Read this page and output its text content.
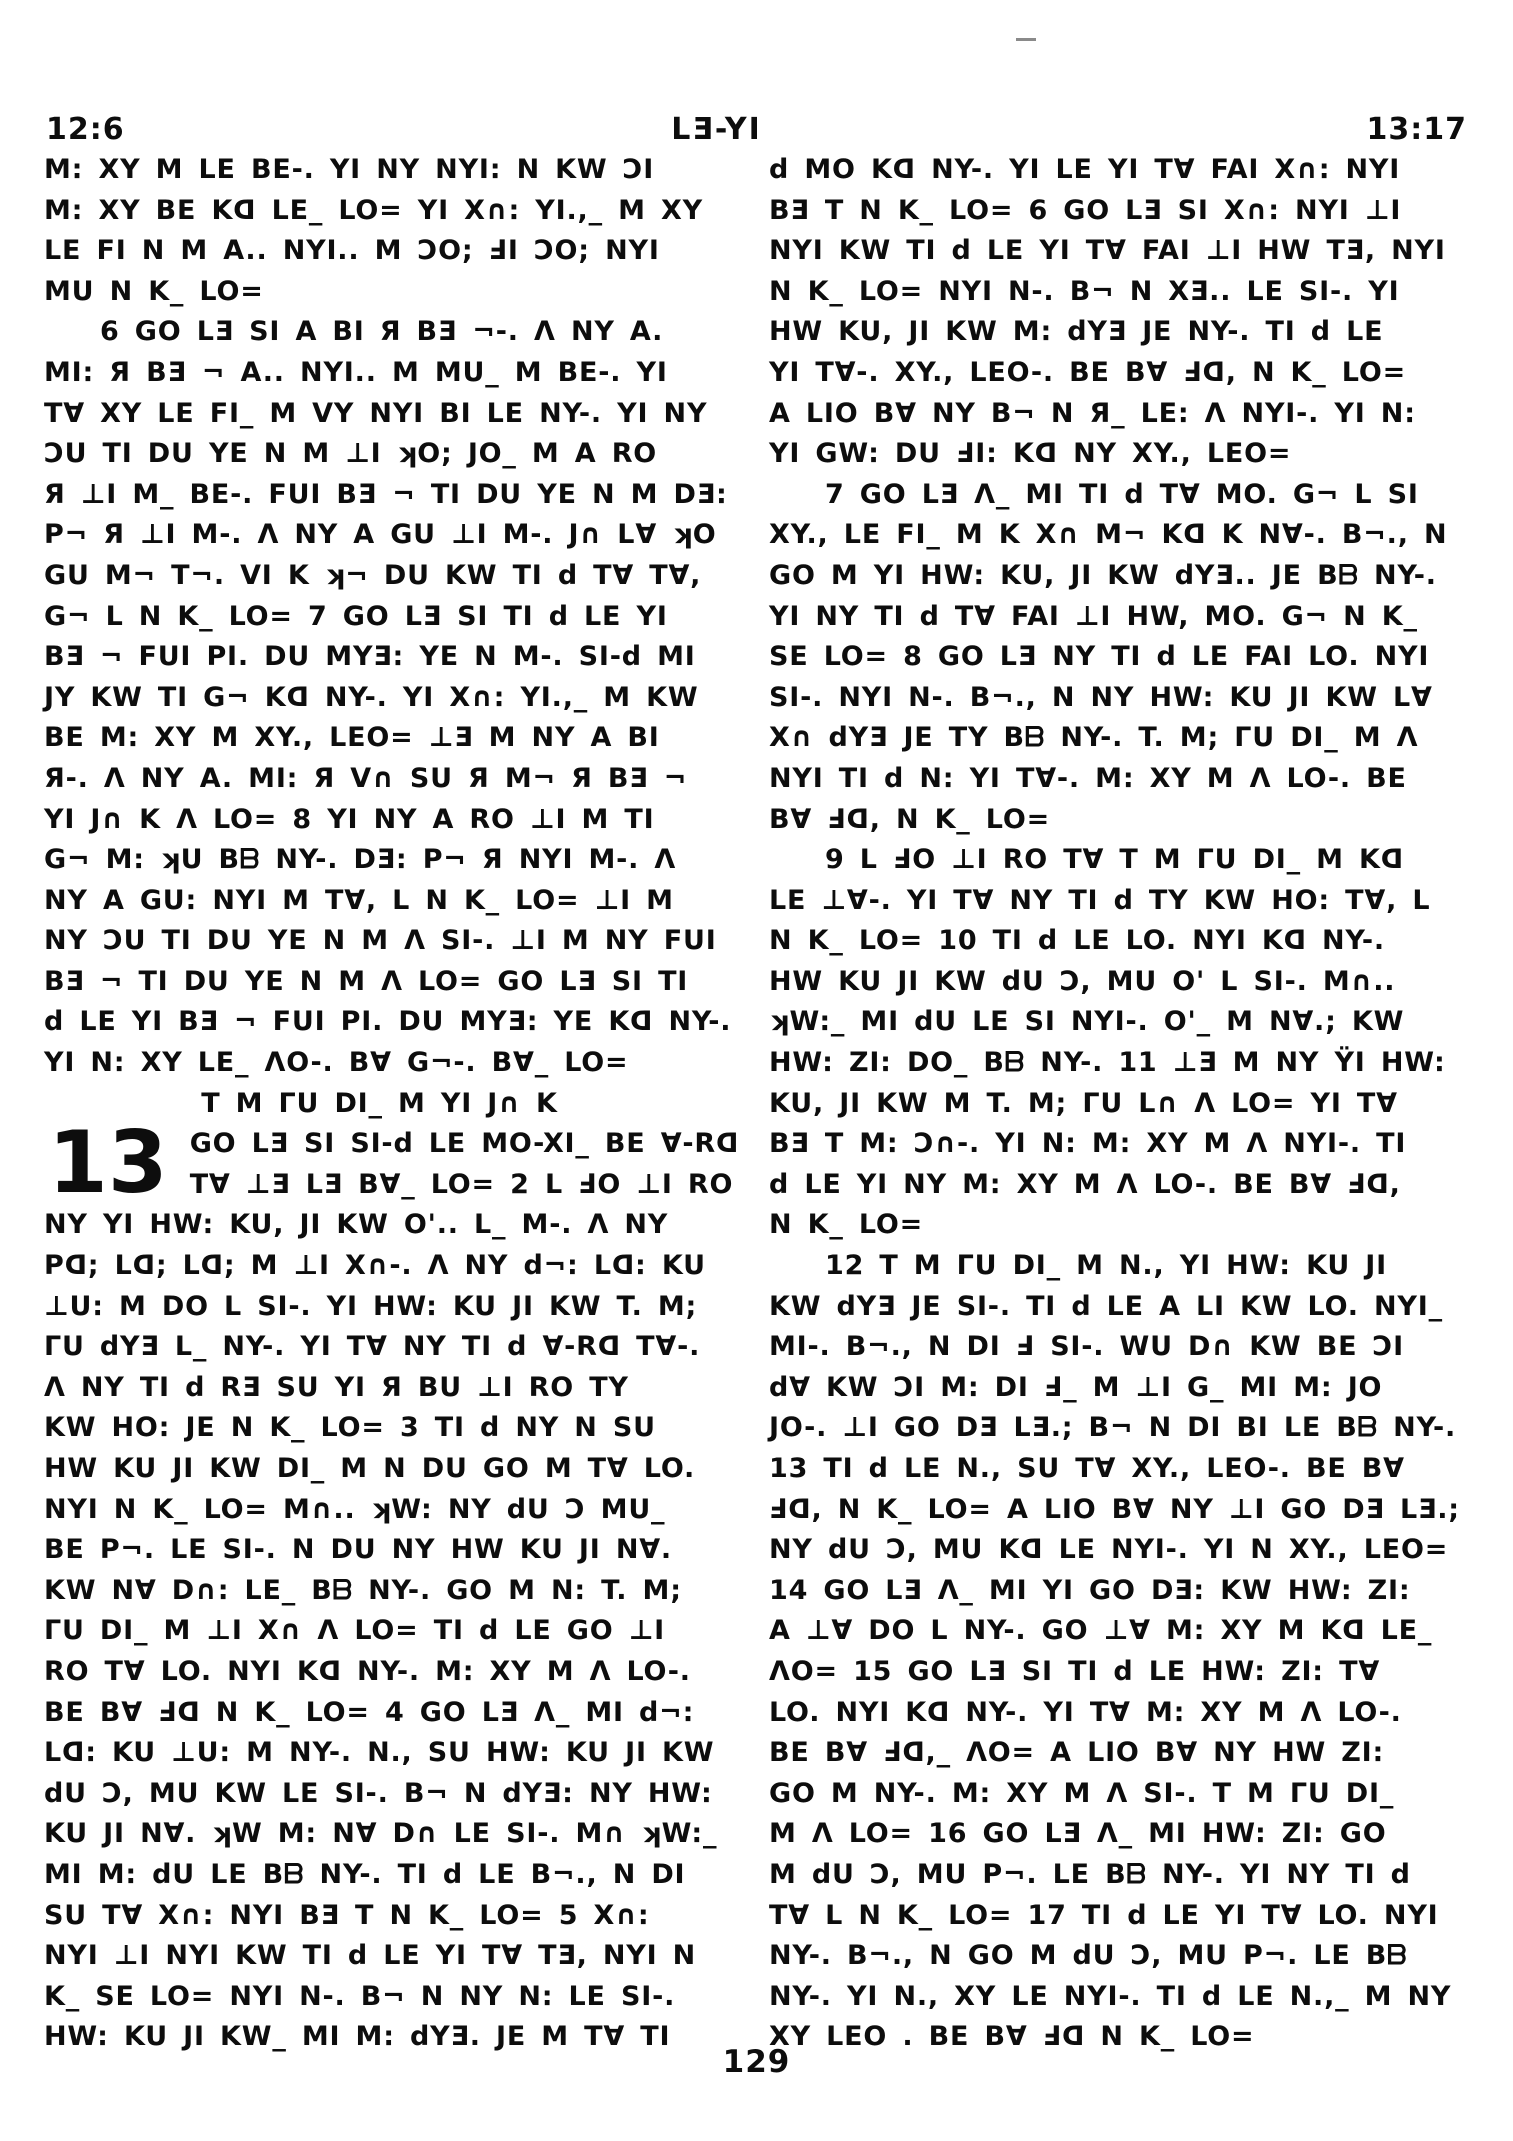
12:6	LƎ-YI	13:17
M: XY M LE BE-. YI NY NYI: N KW ƆI
M: XY BE Kᗡ LE_ LO= YI X∩: YI.,_ M XY
LE FI N M A.. NYI.. M ƆO; ℲI ƆO; NYI
MU N K_ LO=
6 GO LƎ SI A BI Я BƎ ¬-. Λ NY A.
MI: Я BƎ ¬ A.. NYI.. M MU_ M BE-. YI
T∀ XY LE FI_ M VY NYI BI LE NY-. YI NY
ƆU TI DU YE N M ⊥I ʞO; JO_ M A RO
Я ⊥I M_ BE-. FUI BƎ ¬ TI DU YE N M DƎ:
P¬ Я ⊥I M-. Λ NY A GU ⊥I M-. J∩ L∀ ʞO
GU M¬ T¬. VI K ʞ¬ DU KW TI d T∀ T∀,
G¬ L N K_ LO= 7 GO LƎ SI TI d LE YI
BƎ ¬ FUI PI. DU MYƎ: YE N M-. SI-d MI
JY KW TI G¬ Kᗡ NY-. YI X∩: YI.,_ M KW
BE M: XY M XY., LEO= ⊥Ǝ M NY A BI
Я-. Λ NY A. MI: Я V∩ SU Я M¬ Я BƎ ¬
YI J∩ K Λ LO= 8 YI NY A RO ⊥I M TI
G¬ M: ʞU Bᗷ NY-. DƎ: P¬ Я NYI M-. Λ
NY A GU: NYI M T∀, L N K_ LO= ⊥I M
NY ƆU TI DU YE N M Λ SI-. ⊥I M NY FUI
BƎ ¬ TI DU YE N M Λ LO= GO LƎ SI TI
d LE YI BƎ ¬ FUI PI. DU MYƎ: YE Kᗡ NY-.
YI N: XY LE_ ΛO-. B∀ G¬-. B∀_ LO=
T M ΓU DI_ M YI J∩ K
13 GO LƎ SI SI-d LE MO-XI_ BE ∀-Rᗡ
T∀ ⊥Ǝ LƎ B∀_ LO= 2 L ℲO ⊥I RO
NY YI HW: KU, JI KW O'.. L_ M-. Λ NY
Pᗡ; Lᗡ; Lᗡ; M ⊥I X∩-. Λ NY d¬: Lᗡ: KU
⊥U: M DO L SI-. YI HW: KU JI KW T. M;
ΓU dYƎ L_ NY-. YI T∀ NY TI d ∀-Rᗡ T∀-.
Λ NY TI d RƎ SU YI Я BU ⊥I RO TY
KW HO: JE N K_ LO= 3 TI d NY N SU
HW KU JI KW DI_ M N DU GO M T∀ LO.
NYI N K_ LO= M∩.. ʞW: NY dU Ɔ MU_
BE P¬. LE SI-. N DU NY HW KU JI N∀.
KW N∀ D∩: LE_ Bᗷ NY-. GO M N: T. M;
ΓU DI_ M ⊥I X∩ Λ LO= TI d LE GO ⊥I
RO T∀ LO. NYI Kᗡ NY-. M: XY M Λ LO-.
BE B∀ Ⅎᗡ N K_ LO= 4 GO LƎ Λ_ MI d¬:
Lᗡ: KU ⊥U: M NY-. N., SU HW: KU JI KW
dU Ɔ, MU KW LE SI-. B¬ N dYƎ: NY HW:
KU JI N∀. ʞW M: N∀ D∩ LE SI-. M∩ ʞW:_
MI M: dU LE Bᗷ NY-. TI d LE B¬., N DI
SU T∀ X∩: NYI BƎ T N K_ LO= 5 X∩:
NYI ⊥I NYI KW TI d LE YI T∀ TƎ, NYI N
K_ SE LO= NYI N-. B¬ N NY N: LE SI-.
HW: KU JI KW_ MI M: dYƎ. JE M T∀ TI
d MO Kᗡ NY-. YI LE YI T∀ FAI X∩: NYI
BƎ T N K_ LO= 6 GO LƎ SI X∩: NYI ⊥I
NYI KW TI d LE YI T∀ FAI ⊥I HW TƎ, NYI
N K_ LO= NYI N-. B¬ N XƎ.. LE SI-. YI
HW KU, JI KW M: dYƎ JE NY-. TI d LE
YI T∀-. XY., LEO-. BE B∀ Ⅎᗡ, N K_ LO=
A LIO B∀ NY B¬ N Я_ LE: Λ NYI-. YI N:
YI GW: DU ℲI: Kᗡ NY XY., LEO=
7 GO LƎ Λ_ MI TI d T∀ MO. G¬ L SI
XY., LE FI_ M K X∩ M¬ Kᗡ K N∀-. B¬., N
GO M YI HW: KU, JI KW dYƎ.. JE Bᗷ NY-.
YI NY TI d T∀ FAI ⊥I HW, MO. G¬ N K_
SE LO= 8 GO LƎ NY TI d LE FAI LO. NYI
SI-. NYI N-. B¬., N NY HW: KU JI KW L∀
X∩ dYƎ JE TY Bᗷ NY-. T. M; ΓU DI_ M Λ
NYI TI d N: YI T∀-. M: XY M Λ LO-. BE
B∀ Ⅎᗡ, N K_ LO=
9 L ℲO ⊥I RO T∀ T M ΓU DI_ M Kᗡ
LE ⊥∀-. YI T∀ NY TI d TY KW HO: T∀, L
N K_ LO= 10 TI d LE LO. NYI Kᗡ NY-.
HW KU JI KW dU Ɔ, MU O' L SI-. M∩..
ʞW:_ MI dU LE SI NYI-. O'_ M N∀.; KW
HW: ZI: DO_ Bᗷ NY-. 11 ⊥Ǝ M NY ŸI HW:
KU, JI KW M T. M; ΓU L∩ Λ LO= YI T∀
BƎ T M: Ɔ∩-. YI N: M: XY M Λ NYI-. TI
d LE YI NY M: XY M Λ LO-. BE B∀ Ⅎᗡ,
N K_ LO=
12 T M ΓU DI_ M N., YI HW: KU JI
KW dYƎ JE SI-. TI d LE A LI KW LO. NYI_
MI-. B¬., N DI Ⅎ SI-. WU D∩ KW BE ƆI
d∀ KW ƆI M: DI Ⅎ_ M ⊥I G_ MI M: JO
JO-. ⊥I GO DƎ LƎ.; B¬ N DI BI LE Bᗷ NY-.
13 TI d LE N., SU T∀ XY., LEO-. BE B∀
Ⅎᗡ, N K_ LO= A LIO B∀ NY ⊥I GO DƎ LƎ.;
NY dU Ɔ, MU Kᗡ LE NYI-. YI N XY., LEO=
14 GO LƎ Λ_ MI YI GO DƎ: KW HW: ZI:
A ⊥∀ DO L NY-. GO ⊥∀ M: XY M Kᗡ LE_
ΛO= 15 GO LƎ SI TI d LE HW: ZI: T∀
LO. NYI Kᗡ NY-. YI T∀ M: XY M Λ LO-.
BE B∀ Ⅎᗡ,_ ΛO= A LIO B∀ NY HW ZI:
GO M NY-. M: XY M Λ SI-. T M ΓU DI_
M Λ LO= 16 GO LƎ Λ_ MI HW: ZI: GO
M dU Ɔ, MU P¬. LE Bᗷ NY-. YI NY TI d
T∀ L N K_ LO= 17 TI d LE YI T∀ LO. NYI
NY-. B¬., N GO M dU Ɔ, MU P¬. LE Bᗷ
NY-. YI N., XY LE NYI-. TI d LE N.,_ M NY
XY LEO . BE B∀ Ⅎᗡ N K_ LO=
129
